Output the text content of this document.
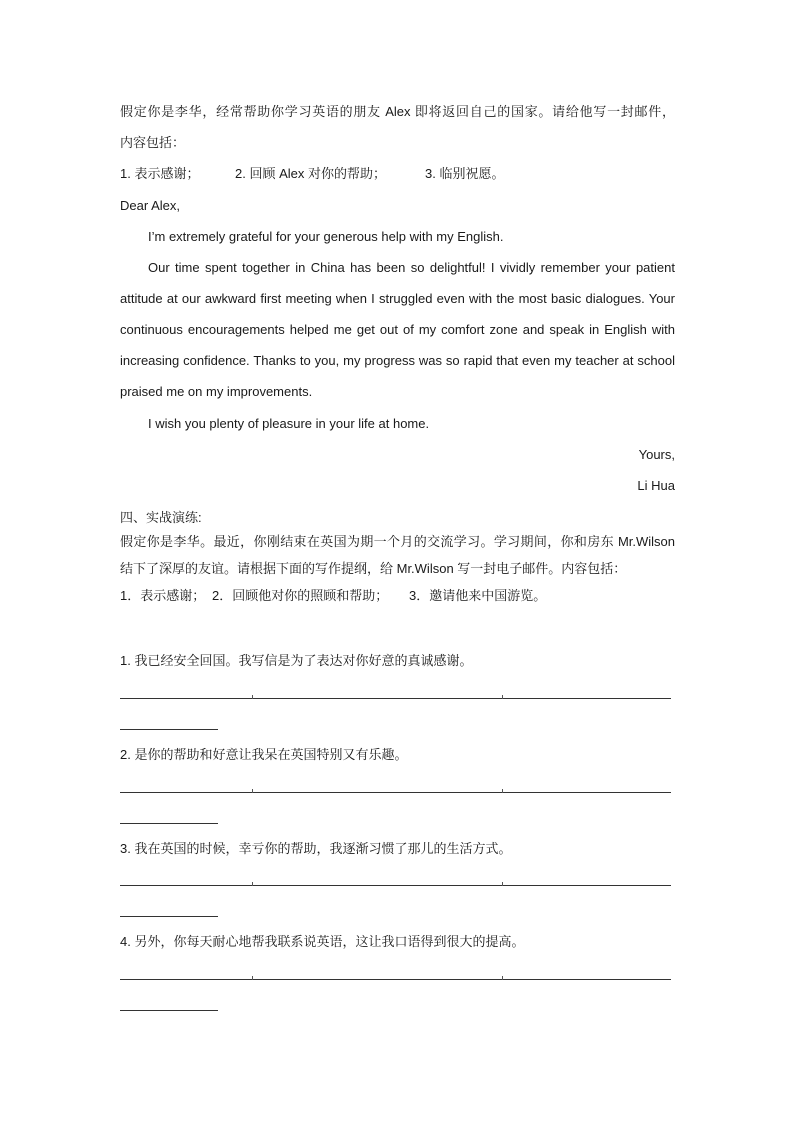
假定你是李华，经常帮助你学习英语的朋友 Alex 即将返回自己的国家。请给他写一封邮件，
内容包括：
1. 表示感谢；	2. 回顾 Alex 对你的帮助；	3. 临别祝愿。
Dear Alex,
I’m extremely grateful for your generous help with my English.
Our time spent together in China has been so delightful! I vividly remember your patient
attitude at our awkward first meeting when I struggled even with the most basic dialogues. Your
continuous encouragements helped me get out of my comfort zone and speak in English with
increasing confidence. Thanks to you, my progress was so rapid that even my teacher at school
praised me on my improvements.
I wish you plenty of pleasure in your life at home.
Yours,
Li Hua
四、实战演练:
假定你是李华。最近，你刚结束在英国为期一个月的交流学习。学习期间，你和房东 Mr.Wilson
结下了深厚的友谊。请根据下面的写作提纲，给 Mr.Wilson 写一封电子邮件。内容包括：
1．表示感谢； 2．回顾他对你的照顾和帮助； 3．邀请他来中国游览。
1. 我已经安全回国。我写信是为了表达对你好意的真诚感谢。
2. 是你的帮助和好意让我呆在英国特别又有乐趣。
3. 我在英国的时候，幸亏你的帮助，我逐渐习惯了那儿的生活方式。
4. 另外，你每天耐心地帮我联系说英语，这让我口语得到很大的提高。
